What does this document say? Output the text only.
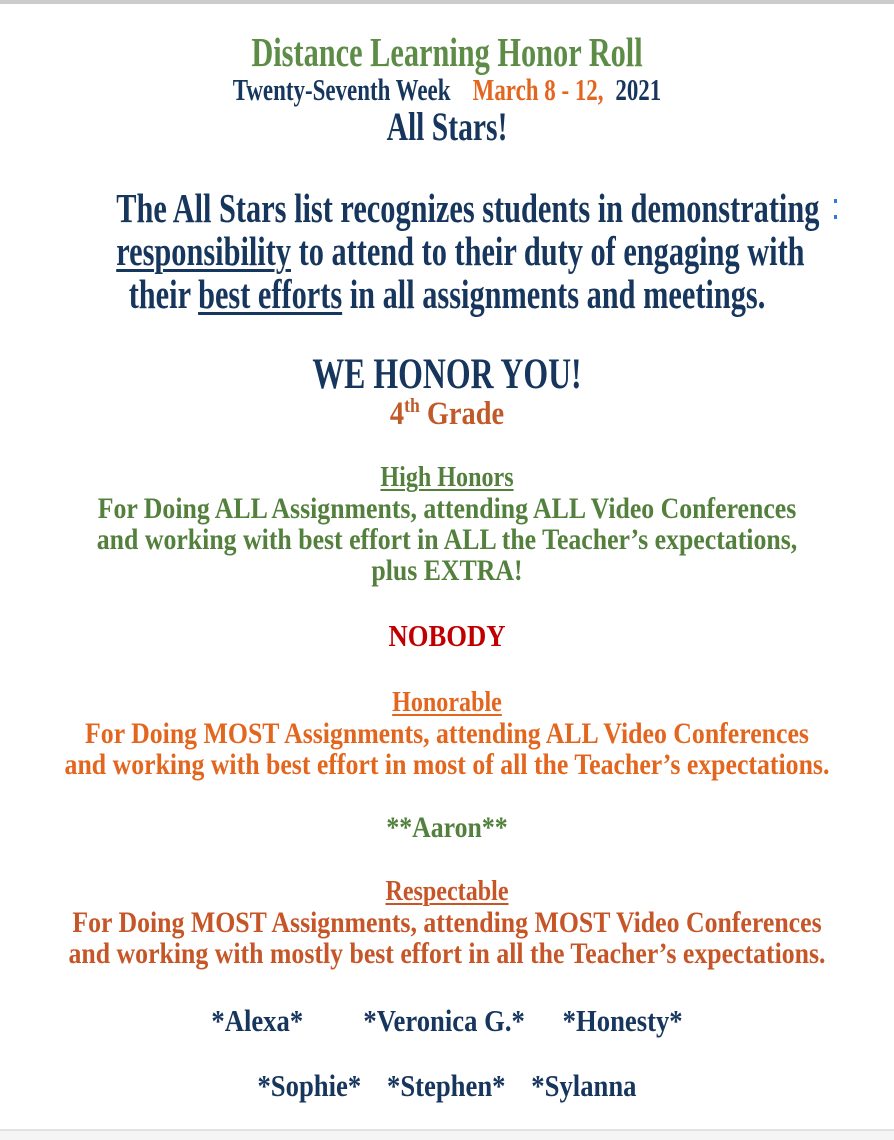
Distance Learning Honor Roll
Twenty-Seventh Week March 8 - 12, 2021
All Stars!
The All Stars list recognizes students in demonstrating
responsibility to attend to their duty of engaging with
their best efforts in all assignments and meetings.
WE HONOR YOU!
4th Grade
High Honors
For Doing ALL Assignments, attending ALL Video Conferences
and working with best effort in ALL the Teacher’s expectations,
plus EXTRA!
NOBODY
Honorable
For Doing MOST Assignments, attending ALL Video Conferences
and working with best effort in most of all the Teacher’s expectations.
**Aaron**
Respectable
For Doing MOST Assignments, attending MOST Video Conferences
and working with mostly best effort in all the Teacher’s expectations.
*Alexa* *Veronica G.* *Honesty*
*Sophie* *Stephen* *Sylanna
